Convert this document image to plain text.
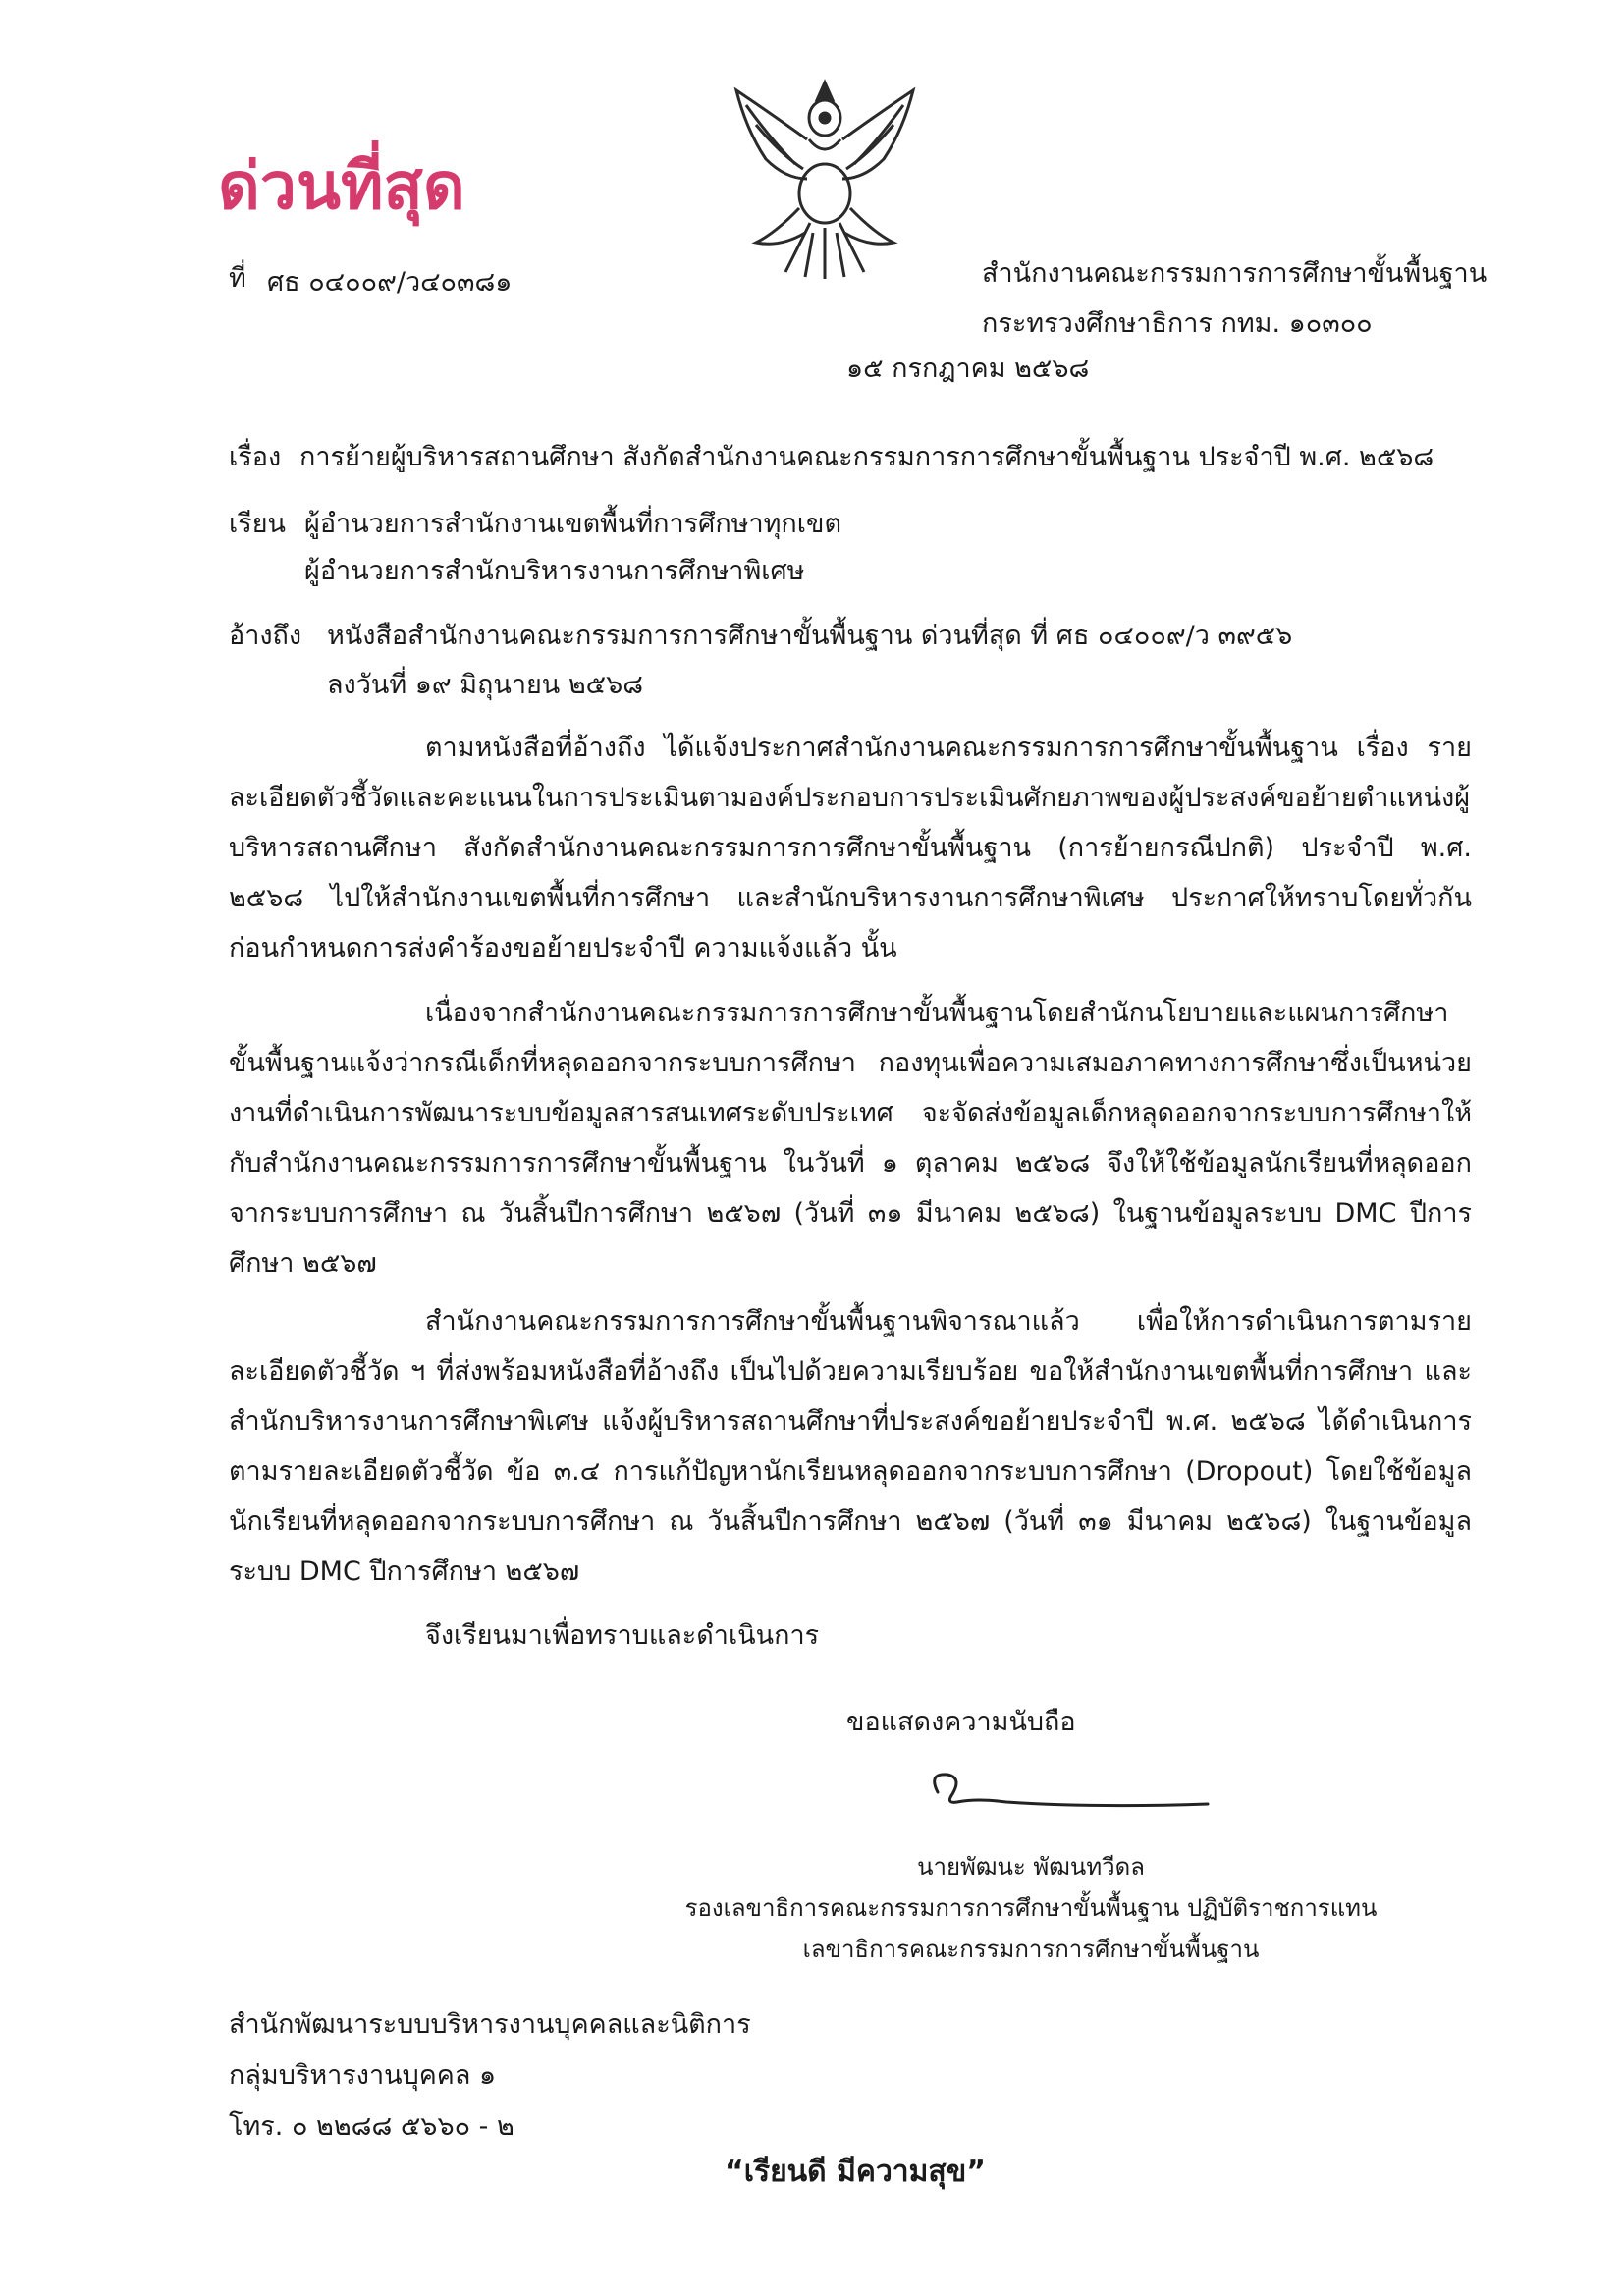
ด่วนที่สุด
ที่ ศธ ๐๔๐๐๙/ว๔๐๓๘๑	สำนักงานคณะกรรมการการศึกษาขั้นพื้นฐาน
กระทรวงศึกษาธิการ กทม. ๑๐๓๐๐
๑๕ กรกฎาคม ๒๕๖๘
เรื่อง การย้ายผู้บริหารสถานศึกษา สังกัดสำนักงานคณะกรรมการการศึกษาขั้นพื้นฐาน ประจำปี พ.ศ. ๒๕๖๘
เรียน ผู้อำนวยการสำนักงานเขตพื้นที่การศึกษาทุกเขต
ผู้อำนวยการสำนักบริหารงานการศึกษาพิเศษ
อ้างถึง หนังสือสำนักงานคณะกรรมการการศึกษาขั้นพื้นฐาน ด่วนที่สุด ที่ ศธ ๐๔๐๐๙/ว ๓๙๕๖
ลงวันที่ ๑๙ มิถุนายน ๒๕๖๘
ตามหนังสือที่อ้างถึง ได้แจ้งประกาศสำนักงานคณะกรรมการการศึกษาขั้นพื้นฐาน เรื่อง รายละเอียดตัวชี้วัดและคะแนนในการประเมินตามองค์ประกอบการประเมินศักยภาพของผู้ประสงค์ขอย้ายตำแหน่งผู้บริหารสถานศึกษา สังกัดสำนักงานคณะกรรมการการศึกษาขั้นพื้นฐาน (การย้ายกรณีปกติ) ประจำปี พ.ศ. ๒๕๖๘ ไปให้สำนักงานเขตพื้นที่การศึกษา และสำนักบริหารงานการศึกษาพิเศษ ประกาศให้ทราบโดยทั่วกัน ก่อนกำหนดการส่งคำร้องขอย้ายประจำปี ความแจ้งแล้ว นั้น
เนื่องจากสำนักงานคณะกรรมการการศึกษาขั้นพื้นฐานโดยสำนักนโยบายและแผนการศึกษาขั้นพื้นฐานแจ้งว่ากรณีเด็กที่หลุดออกจากระบบการศึกษา กองทุนเพื่อความเสมอภาคทางการศึกษาซึ่งเป็นหน่วยงานที่ดำเนินการพัฒนาระบบข้อมูลสารสนเทศระดับประเทศ จะจัดส่งข้อมูลเด็กหลุดออกจากระบบการศึกษาให้กับสำนักงานคณะกรรมการการศึกษาขั้นพื้นฐาน ในวันที่ ๑ ตุลาคม ๒๕๖๘ จึงให้ใช้ข้อมูลนักเรียนที่หลุดออกจากระบบการศึกษา ณ วันสิ้นปีการศึกษา ๒๕๖๗ (วันที่ ๓๑ มีนาคม ๒๕๖๘) ในฐานข้อมูลระบบ DMC ปีการศึกษา ๒๕๖๗
สำนักงานคณะกรรมการการศึกษาขั้นพื้นฐานพิจารณาแล้ว เพื่อให้การดำเนินการตามรายละเอียดตัวชี้วัด ฯ ที่ส่งพร้อมหนังสือที่อ้างถึง เป็นไปด้วยความเรียบร้อย ขอให้สำนักงานเขตพื้นที่การศึกษา และสำนักบริหารงานการศึกษาพิเศษ แจ้งผู้บริหารสถานศึกษาที่ประสงค์ขอย้ายประจำปี พ.ศ. ๒๕๖๘ ได้ดำเนินการตามรายละเอียดตัวชี้วัด ข้อ ๓.๔ การแก้ปัญหานักเรียนหลุดออกจากระบบการศึกษา (Dropout) โดยใช้ข้อมูลนักเรียนที่หลุดออกจากระบบการศึกษา ณ วันสิ้นปีการศึกษา ๒๕๖๗ (วันที่ ๓๑ มีนาคม ๒๕๖๘) ในฐานข้อมูลระบบ DMC ปีการศึกษา ๒๕๖๗
จึงเรียนมาเพื่อทราบและดำเนินการ
ขอแสดงความนับถือ
นายพัฒนะ พัฒนทวีดล
รองเลขาธิการคณะกรรมการการศึกษาขั้นพื้นฐาน ปฏิบัติราชการแทน
เลขาธิการคณะกรรมการการศึกษาขั้นพื้นฐาน
สำนักพัฒนาระบบบริหารงานบุคคลและนิติการ
กลุ่มบริหารงานบุคคล ๑
โทร. ๐ ๒๒๘๘ ๕๖๖๐ - ๒
“เรียนดี มีความสุข”
